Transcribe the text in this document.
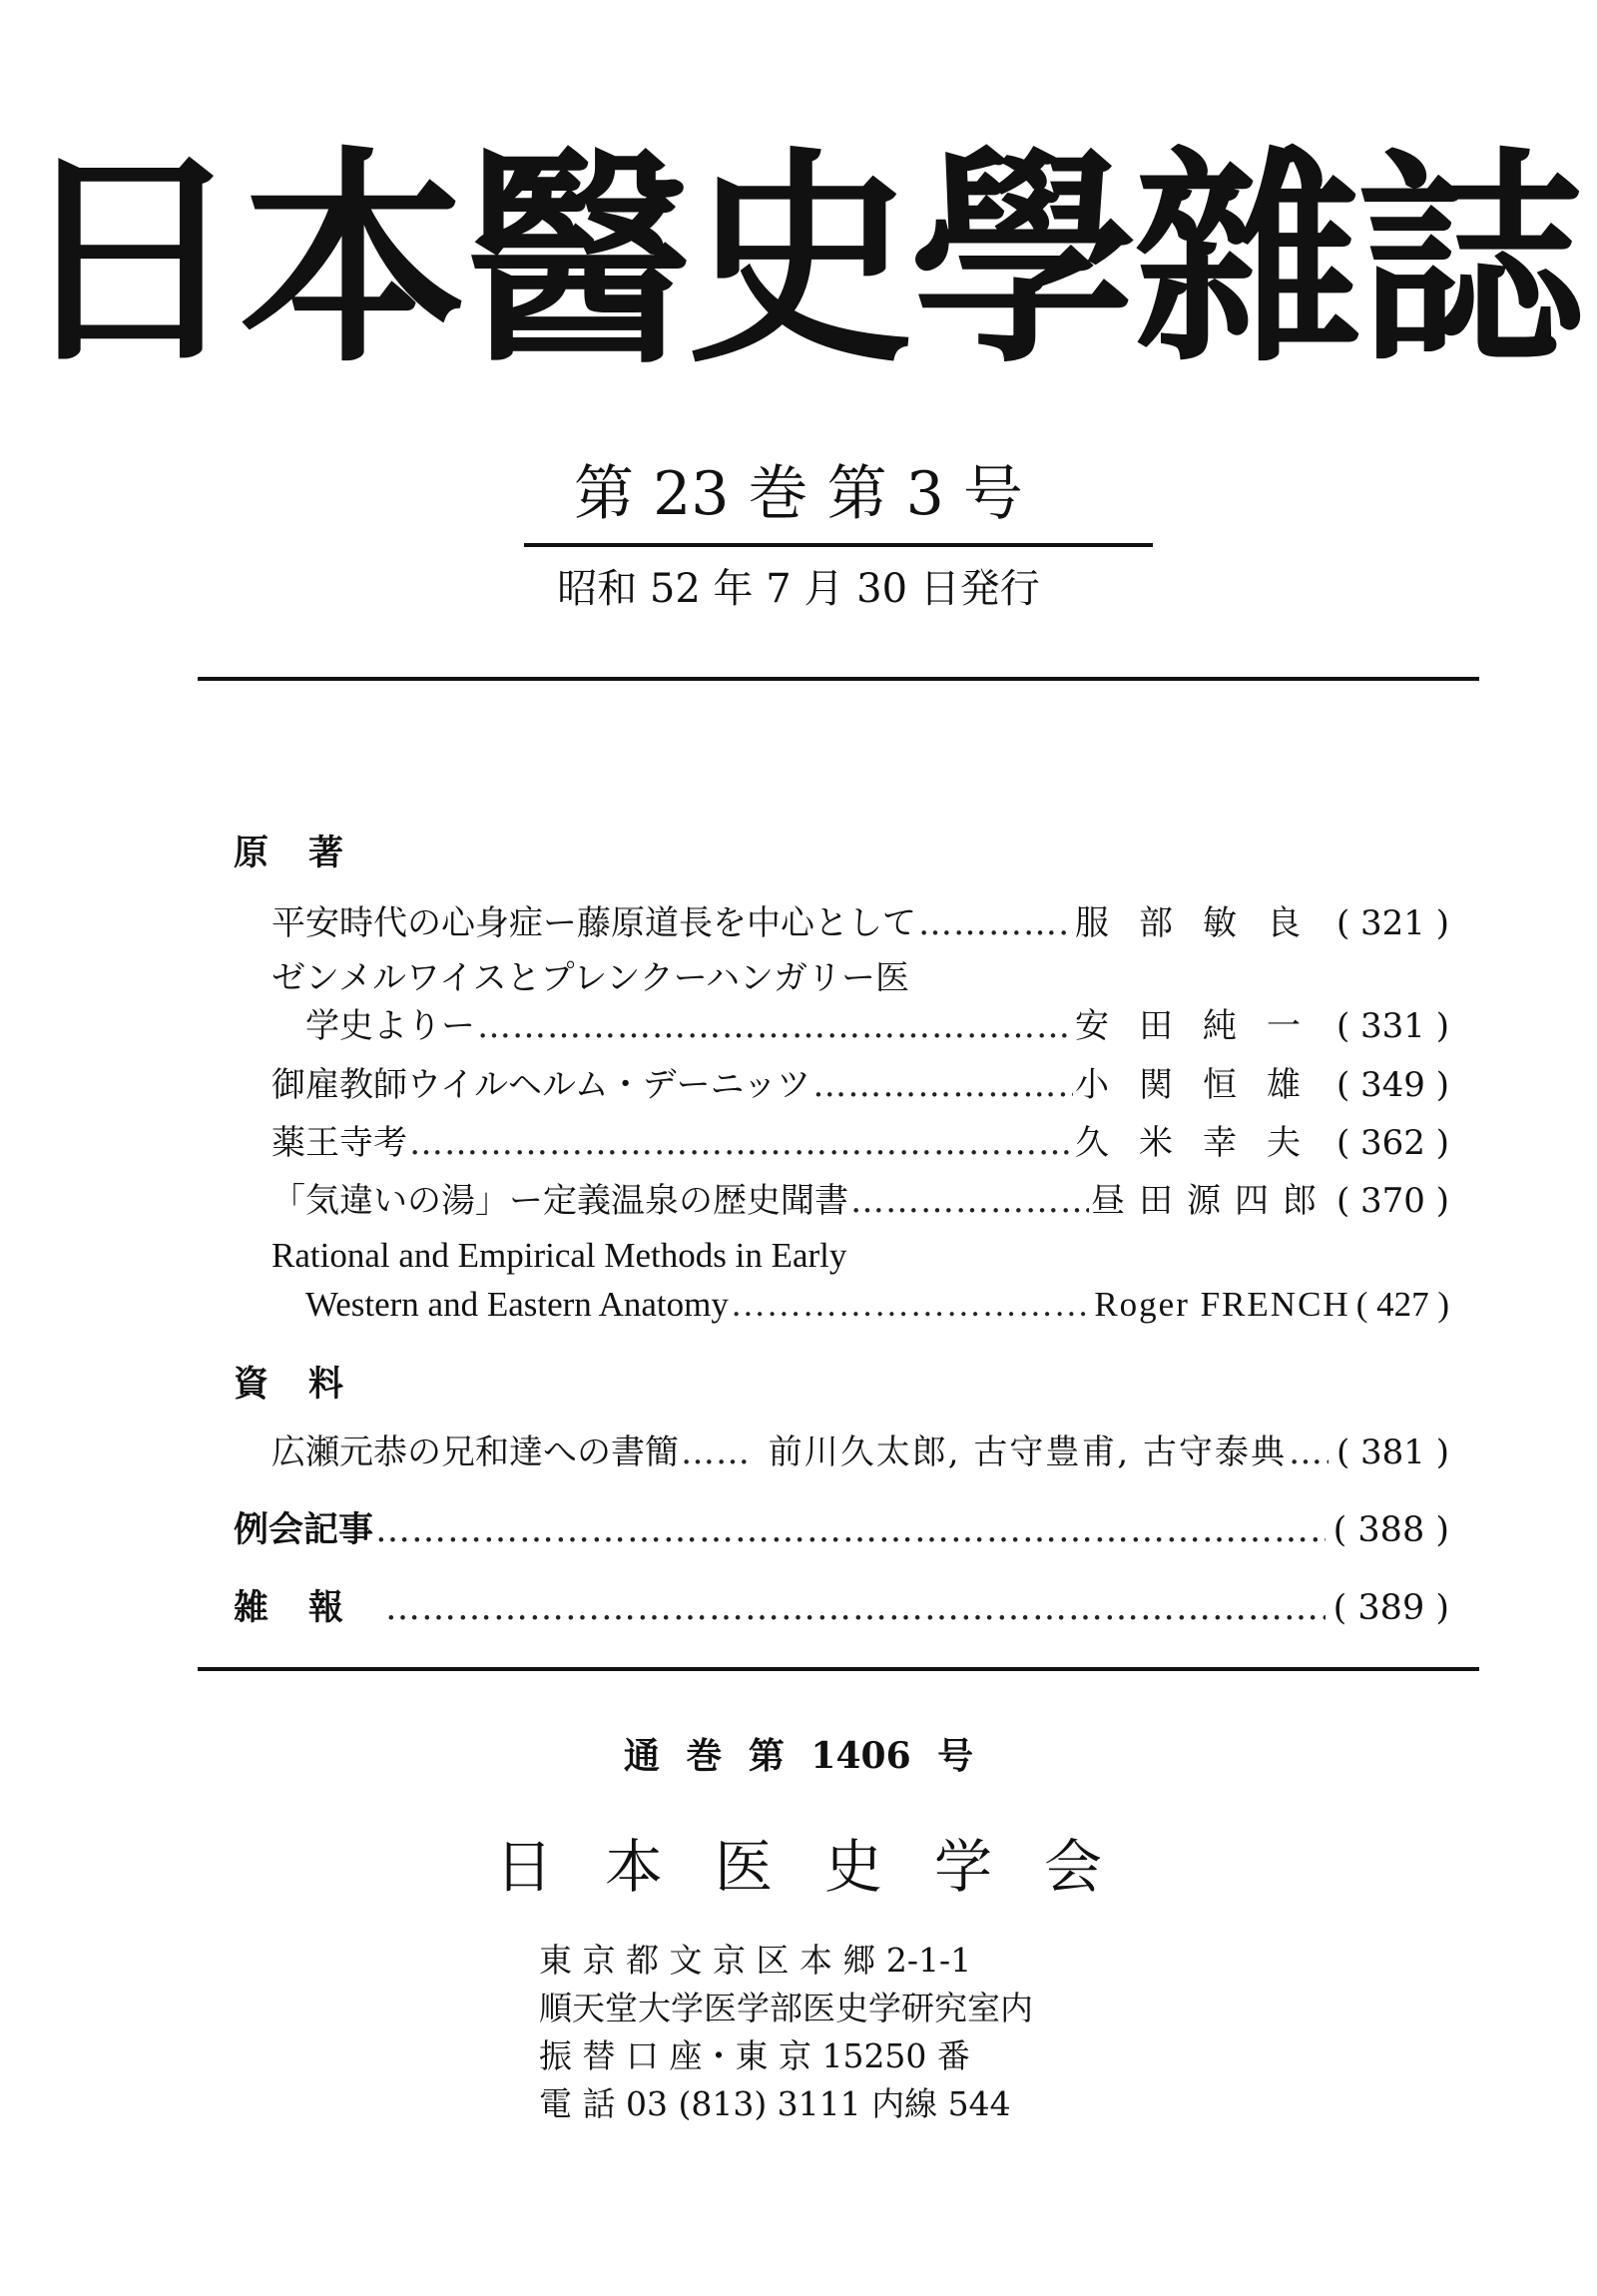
日本醫史學雜誌
第 23 巻 第 3 号
昭和 52 年 7 月 30 日発行
原著
平安時代の心身症ー藤原道長を中心として ……………………………………………………………………………………………………………………………………………………………………………………………………………………………………	服部敏良 ( 321 )
ゼンメルワイスとプレンクーハンガリー医
学史よりー ……………………………………………………………………………………………………………………………………………………………………………………………………………………………………	安田純一 ( 331 )
御雇教師ウイルヘルム・デーニッツ ……………………………………………………………………………………………………………………………………………………………………………………………………………………………………	小関恒雄 ( 349 )
薬王寺考 ……………………………………………………………………………………………………………………………………………………………………………………………………………………………………	久米幸夫 ( 362 )
「気違いの湯」ー定義温泉の歴史聞書 ……………………………………………………………………………………………………………………………………………………………………………………………………………………………………	昼田源四郎 ( 370 )
Rational and Empirical Methods in Early
Western and Eastern Anatomy ……………………………………………………………………………………………………………………………………………………………………………………………………………………………………	Roger FRENCH ( 427 )
資料
広瀬元恭の兄和達への書簡 ……………………………………………………………………………………………………………………………………………………………………………………………………………………………………	前川久太郎, 古守豊甫, 古守泰典 …………………………………………………………………………………………………………………………………………………………………………………………………………………………………… ( 381 )
例会記事 ……………………………………………………………………………………………………………………………………………………………………………………………………………………………………	( 388 )
雑報 ……………………………………………………………………………………………………………………………………………………………………………………………………………………………………	( 389 )
通 巻 第 1406 号
日本医史学会
東 京 都 文 京 区 本 郷 2-1-1
順天堂大学医学部医史学研究室内
振 替 口 座・東 京 15250 番
電 話 03 (813) 3111 内線 544
